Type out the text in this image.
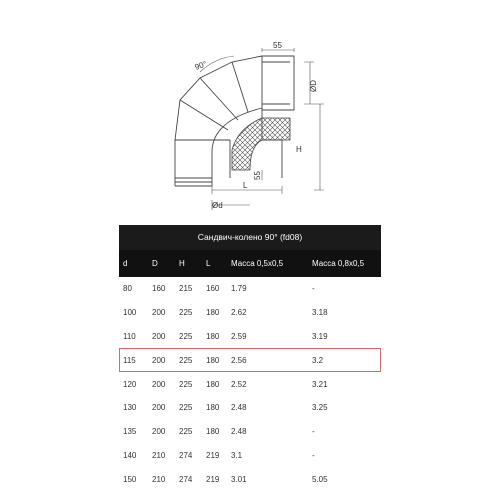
90°
55
ØD
H
L
55
Ød
Сандвич-колено 90° (fd08)
d	D	H	L	Масса 0,5х0,5	Масса 0,8х0,5
80	160	215	160	1.79	-
100	200	225	180	2.62	3.18
110	200	225	180	2.59	3.19
115	200	225	180	2.56	3.2
120	200	225	180	2.52	3.21
130	200	225	180	2.48	3.25
135	200	225	180	2.48	-
140	210	274	219	3.1	-
150	210	274	219	3.01	5.05
